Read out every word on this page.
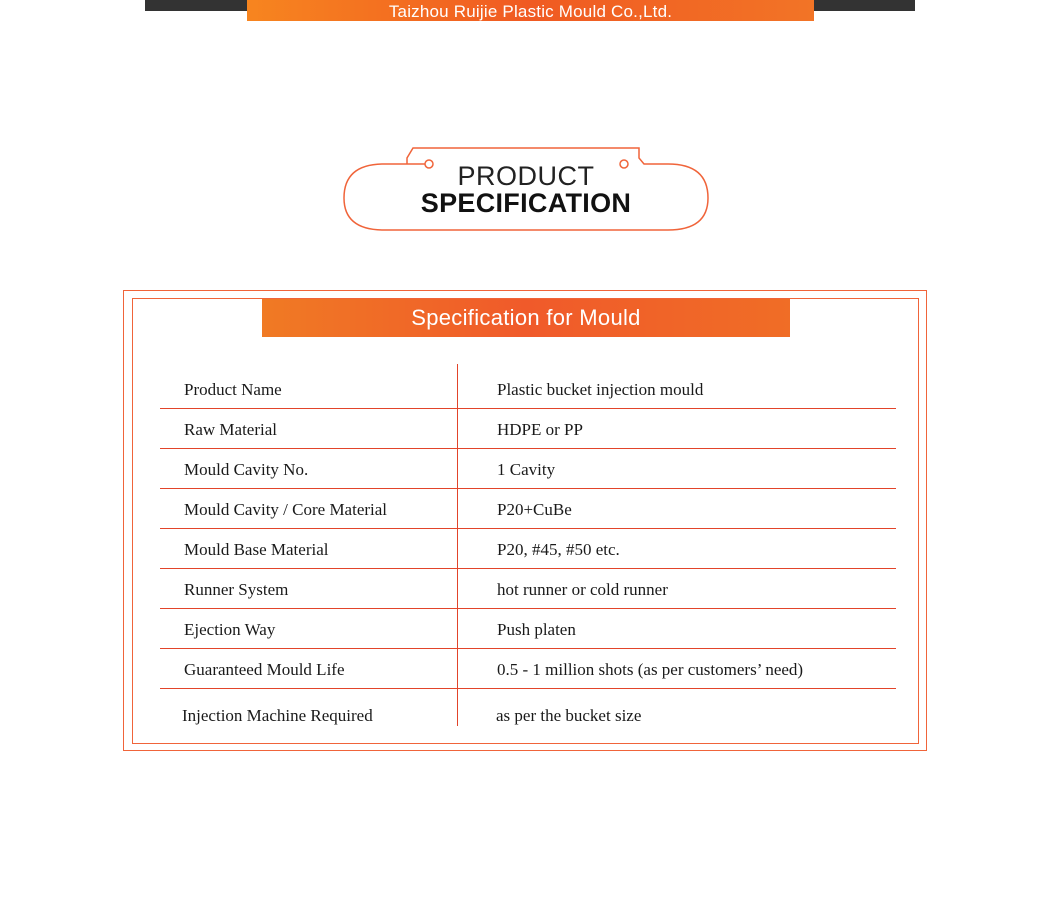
Taizhou Ruijie Plastic Mould Co.,Ltd.
PRODUCT
SPECIFICATION
Specification for Mould
Product Name	Plastic bucket injection mould
Raw Material	HDPE or PP
Mould Cavity No.	1 Cavity
Mould Cavity / Core Material	P20+CuBe
Mould Base Material	P20, #45, #50 etc.
Runner System	hot runner or cold runner
Ejection Way	Push platen
Guaranteed Mould Life	0.5 - 1 million shots (as per customers’ need)
Injection Machine Required	as per the bucket size
